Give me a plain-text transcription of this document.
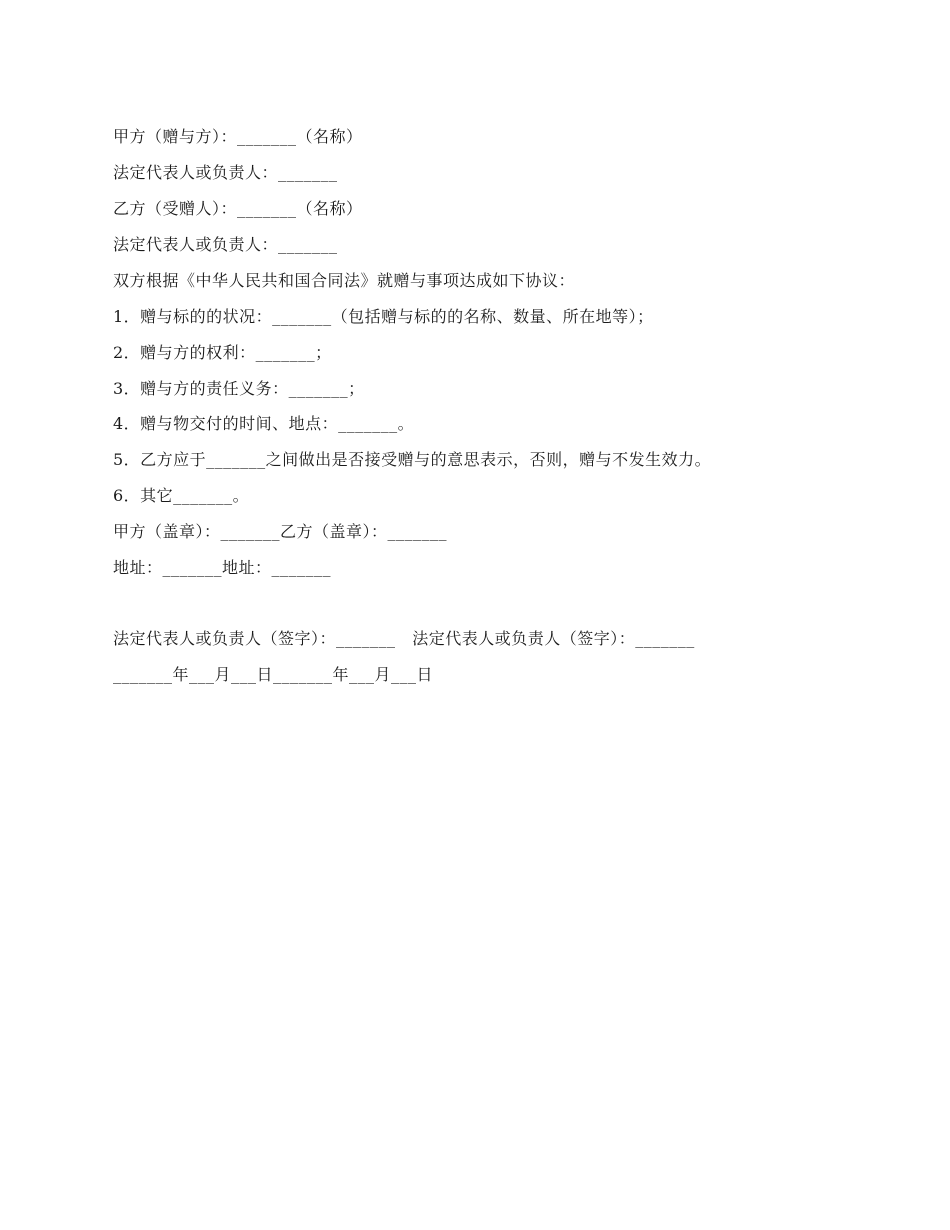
甲方（赠与方）：_______（名称）
法定代表人或负责人：_______
乙方（受赠人）：_______（名称）
法定代表人或负责人：_______
双方根据《中华人民共和国合同法》就赠与事项达成如下协议：
1．赠与标的的状况：_______（包括赠与标的的名称、数量、所在地等）；
2．赠与方的权利：_______；
3．赠与方的责任义务：_______；
4．赠与物交付的时间、地点：_______。
5．乙方应于_______之间做出是否接受赠与的意思表示，否则，赠与不发生效力。
6．其它_______。
甲方（盖章）：_______乙方（盖章）：_______
地址：_______地址：_______
法定代表人或负责人（签字）：_______   法定代表人或负责人（签字）：_______
_______年___月___日_______年___月___日
